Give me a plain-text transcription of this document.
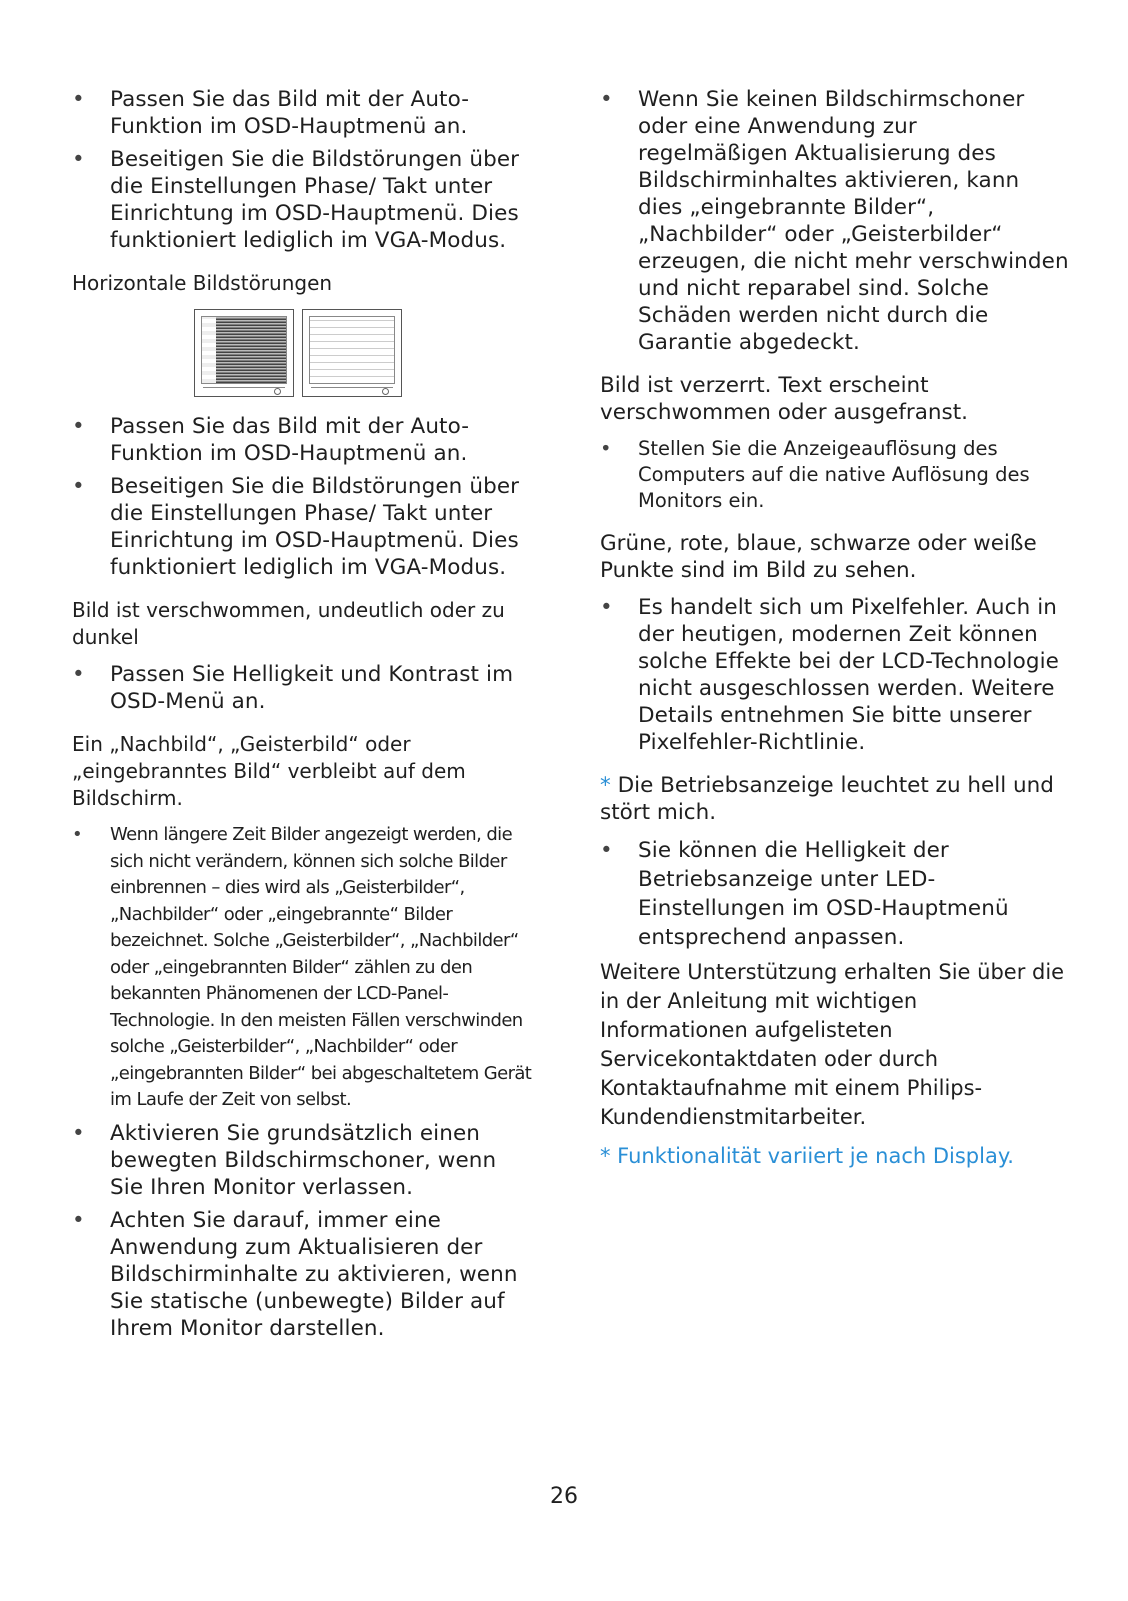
• Passen Sie das Bild mit der Auto-Funktion im OSD-Hauptmenü an.
• Beseitigen Sie die Bildstörungen über die Einstellungen Phase/ Takt unter Einrichtung im OSD-Hauptmenü. Dies funktioniert lediglich im VGA-Modus.
Horizontale Bildstörungen
• Passen Sie das Bild mit der Auto-Funktion im OSD-Hauptmenü an.
• Beseitigen Sie die Bildstörungen über die Einstellungen Phase/ Takt unter Einrichtung im OSD-Hauptmenü. Dies funktioniert lediglich im VGA-Modus.
Bild ist verschwommen, undeutlich oder zu dunkel
• Passen Sie Helligkeit und Kontrast im OSD-Menü an.
Ein „Nachbild“, „Geisterbild“ oder „eingebranntes Bild“ verbleibt auf dem Bildschirm.
• Wenn längere Zeit Bilder angezeigt werden, die sich nicht verändern, können sich solche Bilder einbrennen – dies wird als „Geisterbilder“, „Nachbilder“ oder „eingebrannte“ Bilder bezeichnet. Solche „Geisterbilder“, „Nachbilder“ oder „eingebrannten Bilder“ zählen zu den bekannten Phänomenen der LCD-Panel-Technologie. In den meisten Fällen verschwinden solche „Geisterbilder“, „Nachbilder“ oder „eingebrannten Bilder“ bei abgeschaltetem Gerät im Laufe der Zeit von selbst.
• Aktivieren Sie grundsätzlich einen bewegten Bildschirmschoner, wenn Sie Ihren Monitor verlassen.
• Achten Sie darauf, immer eine Anwendung zum Aktualisieren der Bildschirminhalte zu aktivieren, wenn Sie statische (unbewegte) Bilder auf Ihrem Monitor darstellen.
• Wenn Sie keinen Bildschirmschoner oder eine Anwendung zur regelmäßigen Aktualisierung des Bildschirminhaltes aktivieren, kann dies „eingebrannte Bilder“, „Nachbilder“ oder „Geisterbilder“ erzeugen, die nicht mehr verschwinden und nicht reparabel sind. Solche Schäden werden nicht durch die Garantie abgedeckt.
Bild ist verzerrt. Text erscheint verschwommen oder ausgefranst.
• Stellen Sie die Anzeigeauflösung des Computers auf die native Auflösung des Monitors ein.
Grüne, rote, blaue, schwarze oder weiße Punkte sind im Bild zu sehen.
• Es handelt sich um Pixelfehler. Auch in der heutigen, modernen Zeit können solche Effekte bei der LCD-Technologie nicht ausgeschlossen werden. Weitere Details entnehmen Sie bitte unserer Pixelfehler-Richtlinie.
* Die Betriebsanzeige leuchtet zu hell und stört mich.
• Sie können die Helligkeit der Betriebsanzeige unter LED-Einstellungen im OSD-Hauptmenü entsprechend anpassen.

Weitere Unterstützung erhalten Sie über die in der Anleitung mit wichtigen Informationen aufgelisteten Servicekontaktdaten oder durch Kontaktaufnahme mit einem Philips-Kundendienstmitarbeiter.

* Funktionalität variiert je nach Display.

26
